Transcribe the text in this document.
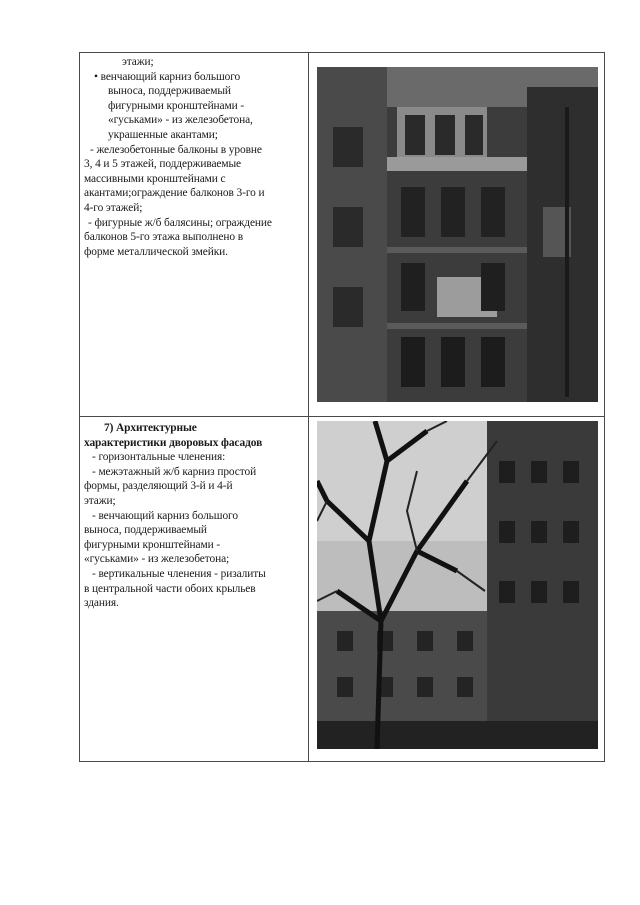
этажи;
• венчающий карниз большого
выноса, поддерживаемый
фигурными кронштейнами -
«гуськами» - из железобетона,
украшенные акантами;
- железобетонные балконы в уровне
3, 4 и 5 этажей, поддерживаемые
массивными кронштейнами с
акантами;ограждение балконов 3-го и
4-го этажей;
- фигурные ж/б балясины; ограждение
балконов 5-го этажа выполнено в
форме металлической змейки.
7) Архитектурные
характеристики дворовых фасадов
- горизонтальные членения:
- межэтажный ж/б карниз простой
формы, разделяющий 3-й и 4-й
этажи;
- венчающий карниз большого
выноса, поддерживаемый
фигурными кронштейнами -
«гуськами» - из железобетона;
- вертикальные членения - ризалиты
в центральной части обоих крыльев
здания.
